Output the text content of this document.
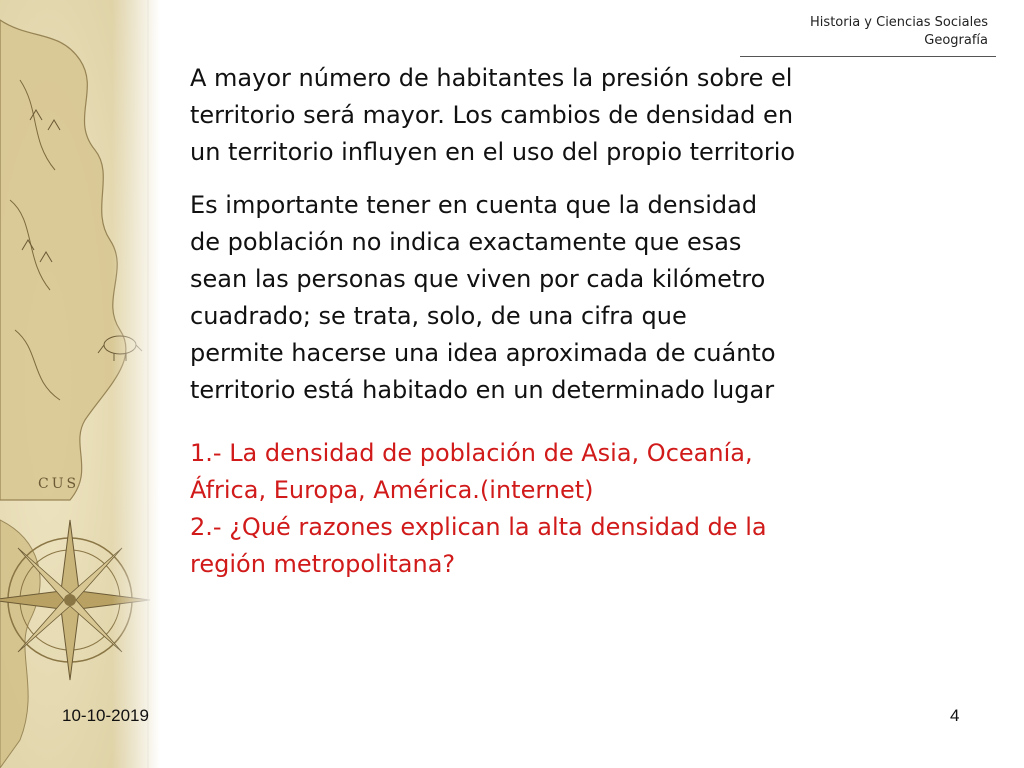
Historia y Ciencias Sociales
Geografía

A mayor número de habitantes la presión sobre el
territorio será mayor. Los cambios de densidad en
un territorio influyen en el uso del propio territorio

Es importante tener en cuenta que la densidad
de población no indica exactamente que esas
sean las personas que viven por cada kilómetro
cuadrado; se trata, solo, de una cifra que
permite hacerse una idea aproximada de cuánto
territorio está habitado en un determinado lugar

1.- La densidad de población de Asia, Oceanía,
África, Europa, América.(internet)

2.- ¿Qué razones explican la alta densidad de la
región metropolitana?

10-10-2019	4
